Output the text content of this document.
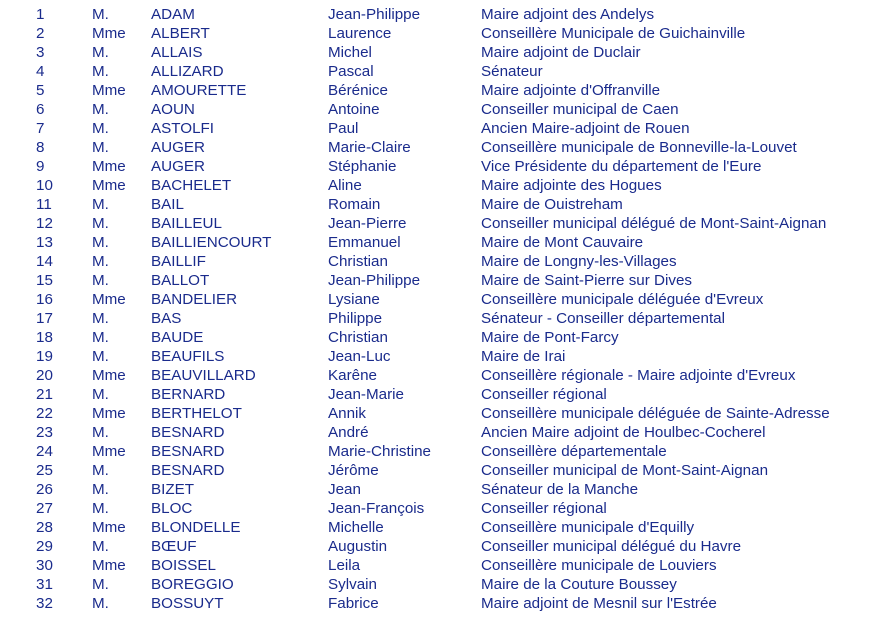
1	M.	ADAM	Jean-Philippe	Maire adjoint des Andelys
2	Mme ALBERT	Laurence	Conseillère Municipale de Guichainville
3	M.	ALLAIS	Michel	Maire adjoint de Duclair
4	M.	ALLIZARD	Pascal	Sénateur
5	Mme AMOURETTE	Bérénice	Maire adjointe d'Offranville
6	M.	AOUN	Antoine	Conseiller municipal de Caen
7	M.	ASTOLFI	Paul	Ancien Maire-adjoint de Rouen
8	M.	AUGER	Marie-Claire	Conseillère municipale de Bonneville-la-Louvet
9	Mme AUGER	Stéphanie	Vice Présidente du département de l'Eure
10	Mme BACHELET	Aline	Maire adjointe des Hogues
11	M.	BAIL	Romain	Maire de Ouistreham
12	M.	BAILLEUL	Jean-Pierre	Conseiller municipal délégué de Mont-Saint-Aignan
13	M.	BAILLIENCOURT	Emmanuel	Maire de Mont Cauvaire
14	M.	BAILLIF	Christian	Maire de Longny-les-Villages
15	M.	BALLOT	Jean-Philippe	Maire de Saint-Pierre sur Dives
16	Mme BANDELIER	Lysiane	Conseillère municipale déléguée d'Evreux
17	M.	BAS	Philippe	Sénateur - Conseiller départemental
18	M.	BAUDE	Christian	Maire de Pont-Farcy
19	M.	BEAUFILS	Jean-Luc	Maire de Irai
20	Mme BEAUVILLARD	Karêne	Conseillère régionale - Maire adjointe d'Evreux
21	M.	BERNARD	Jean-Marie	Conseiller régional
22	Mme BERTHELOT	Annik	Conseillère municipale déléguée de Sainte-Adresse
23	M.	BESNARD	André	Ancien Maire adjoint de Houlbec-Cocherel
24	Mme BESNARD	Marie-Christine	Conseillère départementale
25	M.	BESNARD	Jérôme	Conseiller municipal de Mont-Saint-Aignan
26	M.	BIZET	Jean	Sénateur de la Manche
27	M.	BLOC	Jean-François	Conseiller régional
28	Mme BLONDELLE	Michelle	Conseillère municipale d'Equilly
29	M.	BŒUF	Augustin	Conseiller municipal délégué du Havre
30	Mme BOISSEL	Leila	Conseillère municipale de Louviers
31	M.	BOREGGIO	Sylvain	Maire de la Couture Boussey
32	M.	BOSSUYT	Fabrice	Maire adjoint de Mesnil sur l'Estrée
